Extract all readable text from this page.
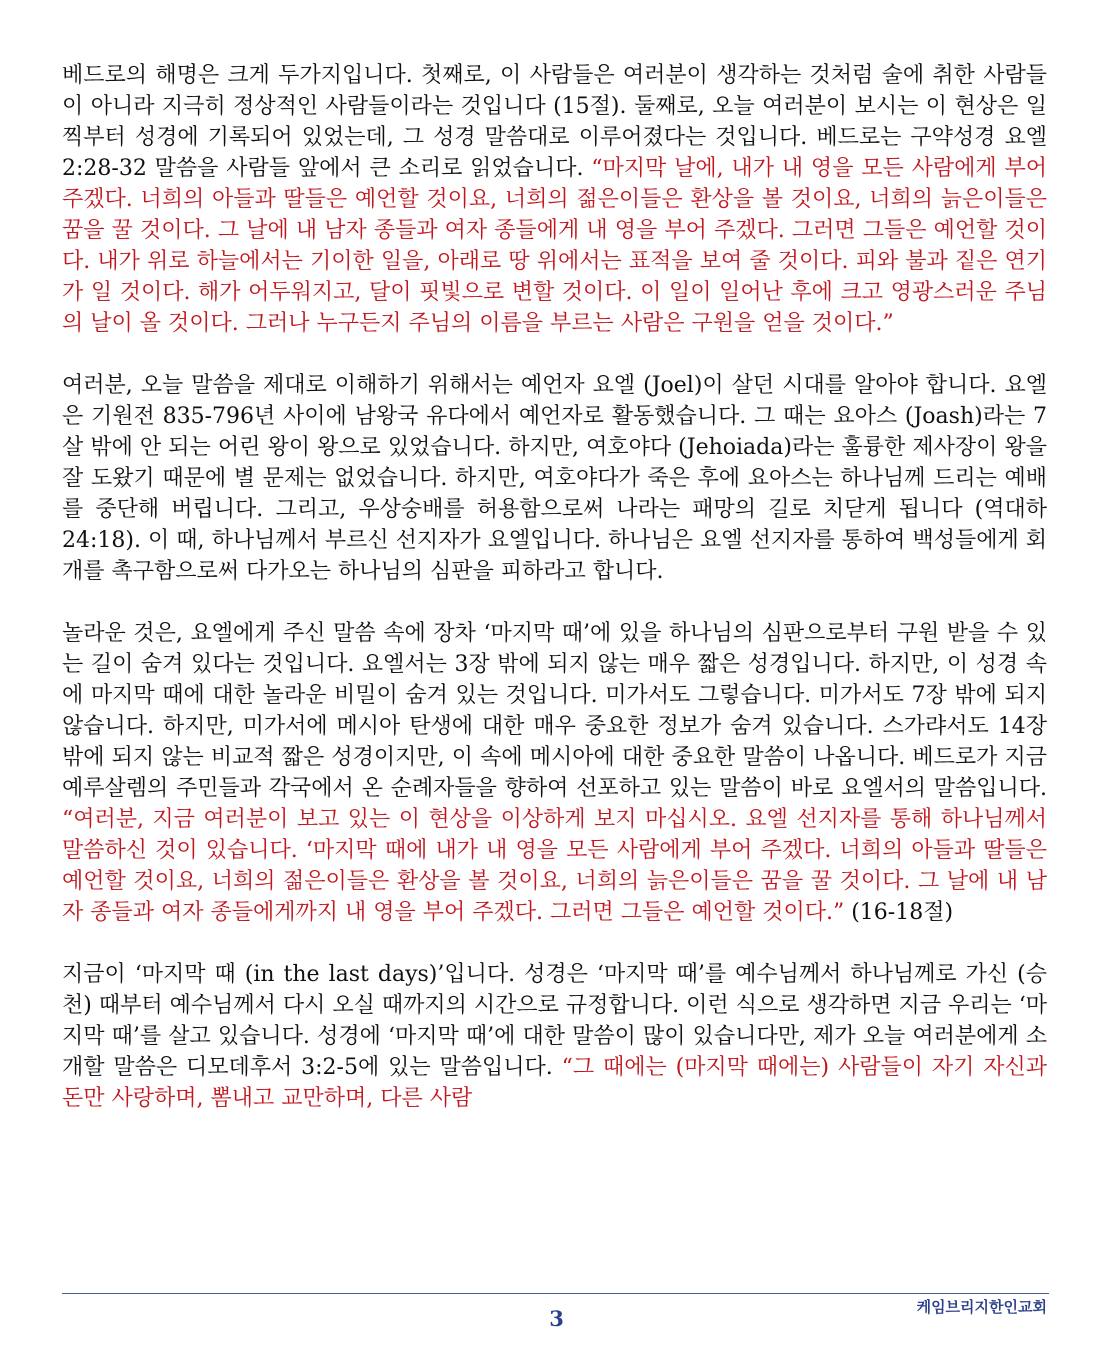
베드로의 해명은 크게 두가지입니다. 첫째로, 이 사람들은 여러분이 생각하는 것처럼 술에 취한 사람들이 아니라 지극히 정상적인 사람들이라는 것입니다 (15절). 둘째로, 오늘 여러분이 보시는 이 현상은 일찍부터 성경에 기록되어 있었는데, 그 성경 말씀대로 이루어졌다는 것입니다. 베드로는 구약성경 요엘 2:28-32 말씀을 사람들 앞에서 큰 소리로 읽었습니다. “마지막 날에, 내가 내 영을 모든 사람에게 부어 주겠다. 너희의 아들과 딸들은 예언할 것이요, 너희의 젊은이들은 환상을 볼 것이요, 너희의 늙은이들은 꿈을 꿀 것이다. 그 날에 내 남자 종들과 여자 종들에게 내 영을 부어 주겠다. 그러면 그들은 예언할 것이다. 내가 위로 하늘에서는 기이한 일을, 아래로 땅 위에서는 표적을 보여 줄 것이다. 피와 불과 짙은 연기가 일 것이다. 해가 어두워지고, 달이 핏빛으로 변할 것이다. 이 일이 일어난 후에 크고 영광스러운 주님의 날이 올 것이다. 그러나 누구든지 주님의 이름을 부르는 사람은 구원을 얻을 것이다.”

여러분, 오늘 말씀을 제대로 이해하기 위해서는 예언자 요엘 (Joel)이 살던 시대를 알아야 합니다. 요엘은 기원전 835-796년 사이에 남왕국 유다에서 예언자로 활동했습니다. 그 때는 요아스 (Joash)라는 7살 밖에 안 되는 어린 왕이 왕으로 있었습니다. 하지만, 여호야다 (Jehoiada)라는 훌륭한 제사장이 왕을 잘 도왔기 때문에 별 문제는 없었습니다. 하지만, 여호야다가 죽은 후에 요아스는 하나님께 드리는 예배를 중단해 버립니다. 그리고, 우상숭배를 허용함으로써 나라는 패망의 길로 치닫게 됩니다 (역대하 24:18). 이 때, 하나님께서 부르신 선지자가 요엘입니다. 하나님은 요엘 선지자를 통하여 백성들에게 회개를 촉구함으로써 다가오는 하나님의 심판을 피하라고 합니다.

놀라운 것은, 요엘에게 주신 말씀 속에 장차 ‘마지막 때’에 있을 하나님의 심판으로부터 구원 받을 수 있는 길이 숨겨 있다는 것입니다. 요엘서는 3장 밖에 되지 않는 매우 짧은 성경입니다. 하지만, 이 성경 속에 마지막 때에 대한 놀라운 비밀이 숨겨 있는 것입니다. 미가서도 그렇습니다. 미가서도 7장 밖에 되지 않습니다. 하지만, 미가서에 메시아 탄생에 대한 매우 중요한 정보가 숨겨 있습니다. 스가랴서도 14장 밖에 되지 않는 비교적 짧은 성경이지만, 이 속에 메시아에 대한 중요한 말씀이 나옵니다. 베드로가 지금 예루살렘의 주민들과 각국에서 온 순례자들을 향하여 선포하고 있는 말씀이 바로 요엘서의 말씀입니다. “여러분, 지금 여러분이 보고 있는 이 현상을 이상하게 보지 마십시오. 요엘 선지자를 통해 하나님께서 말씀하신 것이 있습니다. ‘마지막 때에 내가 내 영을 모든 사람에게 부어 주겠다. 너희의 아들과 딸들은 예언할 것이요, 너희의 젊은이들은 환상을 볼 것이요, 너희의 늙은이들은 꿈을 꿀 것이다. 그 날에 내 남자 종들과 여자 종들에게까지 내 영을 부어 주겠다. 그러면 그들은 예언할 것이다.” (16-18절)

지금이 ‘마지막 때 (in the last days)’입니다. 성경은 ‘마지막 때’를 예수님께서 하나님께로 가신 (승천) 때부터 예수님께서 다시 오실 때까지의 시간으로 규정합니다. 이런 식으로 생각하면 지금 우리는 ‘마지막 때’를 살고 있습니다. 성경에 ‘마지막 때’에 대한 말씀이 많이 있습니다만, 제가 오늘 여러분에게 소개할 말씀은 디모데후서 3:2-5에 있는 말씀입니다. “그 때에는 (마지막 때에는) 사람들이 자기 자신과 돈만 사랑하며, 뽐내고 교만하며, 다른 사람

3	케임브리지한인교회
